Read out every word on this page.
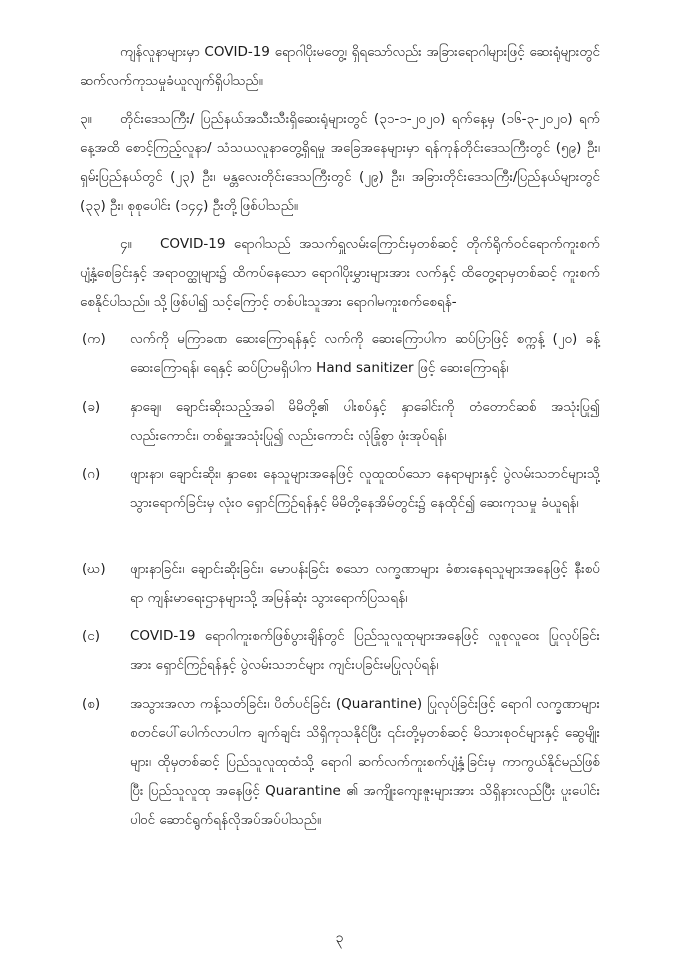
ကျန်လူနာများမှာ COVID-19 ရောဂါပိုးမတွေ့၊ ရှိရသော်လည်း အခြားရောဂါများဖြင့် ဆေးရုံများတွင် ဆက်လက်ကုသမှုခံယူလျက်ရှိပါသည်။

၃။ တိုင်းဒေသကြီး/ ပြည်နယ်အသီးသီးရှိဆေးရုံများတွင် (၃၁-၁-၂၀၂၀) ရက်နေ့မှ (၁၆-၃-၂၀၂၀) ရက်နေ့အထိ စောင့်ကြည့်လူနာ/ သံသယလူနာတွေ့ရှိရမှု အခြေအနေများမှာ ရန်ကုန်တိုင်းဒေသကြီးတွင် (၅၉) ဦး၊ ရှမ်းပြည်နယ်တွင် (၂၃) ဦး၊ မန္တလေးတိုင်းဒေသကြီးတွင် (၂၉) ဦး၊ အခြားတိုင်းဒေသကြီး/ပြည်နယ်များတွင် (၃၃) ဦး၊ စုစုပေါင်း (၁၄၄) ဦးတို့ဖြစ်ပါသည်။

၄။ COVID-19 ရောဂါသည် အသက်ရှူလမ်းကြောင်းမှတစ်ဆင့် တိုက်ရိုက်ဝင်ရောက်ကူးစက်ပျံ့နှံ့စေခြင်းနှင့် အရာဝတ္ထုများ၌ ထိကပ်နေသော ရောဂါပိုးမွှားများအား လက်နှင့် ထိတွေ့ရာမှတစ်ဆင့် ကူးစက်စေနိုင်ပါသည်။ သို့ဖြစ်ပါ၍ သင့်ကြောင့် တစ်ပါးသူအား ရောဂါမကူးစက်စေရန်-

(က)	လက်ကို မကြာခဏ ဆေးကြောရန်နှင့် လက်ကို ဆေးကြောပါက ဆပ်ပြာဖြင့် စက္ကန့် (၂၀) ခန့် ဆေးကြောရန်၊ ရေနှင့် ဆပ်ပြာမရှိပါက Hand sanitizer ဖြင့် ဆေးကြောရန်၊
(ခ)	နှာချေ၊ ချောင်းဆိုးသည့်အခါ မိမိတို့၏ ပါးစပ်နှင့် နှာခေါင်းကို တံတောင်ဆစ် အသုံးပြု၍ လည်းကောင်း၊ တစ်ရှူးအသုံးပြု၍ လည်းကောင်း လုံခြုံစွာ ဖုံးအုပ်ရန်၊
(ဂ)	ဖျားနာ၊ ချောင်းဆိုး၊ နှာစေး နေသူများအနေဖြင့် လူထူထပ်သော နေရာများနှင့် ပွဲလမ်းသဘင်များသို့ သွားရောက်ခြင်းမှ လုံးဝ ရှောင်ကြဉ်ရန်နှင့် မိမိတို့နေအိမ်တွင်း၌ နေထိုင်၍ ဆေးကုသမှု ခံယူရန်၊
(ဃ)	ဖျားနာခြင်း၊ ချောင်းဆိုးခြင်း၊ မောပန်းခြင်း စသော လက္ခဏာများ ခံစားနေရသူများအနေဖြင့် နီးစပ်ရာ ကျန်းမာရေးဌာနများသို့ အမြန်ဆုံး သွားရောက်ပြသရန်၊
(င)	COVID-19 ရောဂါကူးစက်ဖြစ်ပွားချိန်တွင် ပြည်သူလူထုများအနေဖြင့် လူစုလူဝေး ပြုလုပ်ခြင်းအား ရှောင်ကြဉ်ရန်နှင့် ပွဲလမ်းသဘင်များ ကျင်းပခြင်းမပြုလုပ်ရန်၊
(စ)	အသွားအလာ ကန့်သတ်ခြင်း၊ ပိတ်ပင်ခြင်း (Quarantine) ပြုလုပ်ခြင်းဖြင့် ရောဂါ လက္ခဏာများ စတင်ပေါ်ပေါက်လာပါက ချက်ချင်း သိရှိကုသနိုင်ပြီး ၎င်းတို့မှတစ်ဆင့် မိသားစုဝင်များနှင့် ဆွေမျိုးများ၊ ထိုမှတစ်ဆင့် ပြည်သူလူထုထံသို့ ရောဂါ ဆက်လက်ကူးစက်ပျံ့နှံ့ခြင်းမှ ကာကွယ်နိုင်မည်ဖြစ်ပြီး ပြည်သူလူထု အနေဖြင့် Quarantine ၏ အကျိုးကျေးဇူးများအား သိရှိနားလည်ပြီး ပူးပေါင်းပါဝင် ဆောင်ရွက်ရန်လိုအပ်အပ်ပါသည်။
၃
